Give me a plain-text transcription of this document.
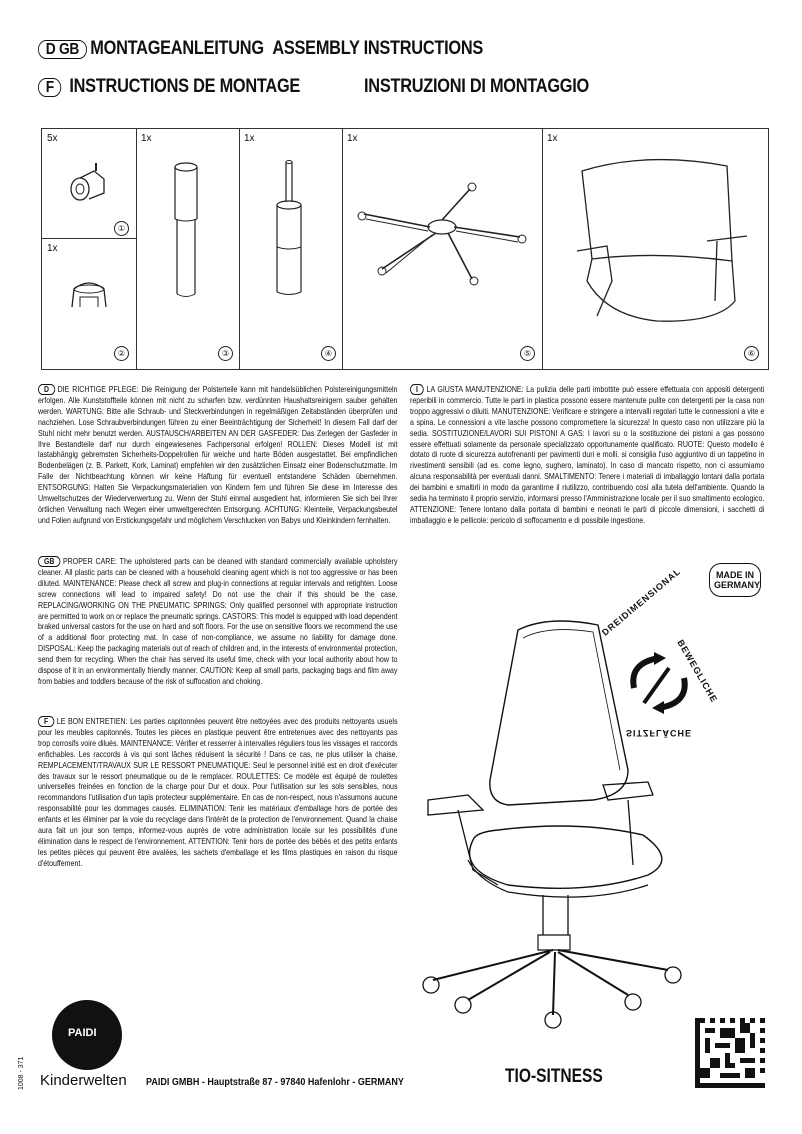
D GB MONTAGEANLEITUNG ASSEMBLY INSTRUCTIONS
F INSTRUCTIONS DE MONTAGE	INSTRUZIONI DI MONTAGGIO
5x
①
1x
②
1x
③
1x
④
1x
⑤
1x
⑥
D DIE RICHTIGE PFLEGE: Die Reinigung der Polsterteile kann mit handelsüblichen Polstereinigungsmitteln erfolgen. Alle Kunststoffteile können mit nicht zu scharfen bzw. verdünnten Haushaltsreinigern sauber gehalten werden. WARTUNG: Bitte alle Schraub- und Steckverbindungen in regelmäßigen Zeitabständen überprüfen und nachziehen. Lose Schraubverbindungen führen zu einer Beeinträchtigung der Sicherheit! In diesem Fall darf der Stuhl nicht mehr benutzt werden. AUSTAUSCH/ARBEITEN AN DER GASFEDER: Das Zerlegen der Gasfeder in Ihre Bestandteile darf nur durch eingewiesenes Fachpersonal erfolgen! ROLLEN: Dieses Modell ist mit lastabhängig gebremsten Sicherheits-Doppelrollen für weiche und harte Böden ausgestattet. Bei empfindlichen Bodenbelägen (z. B. Parkett, Kork, Laminat) empfehlen wir den zusätzlichen Einsatz einer Bodenschutzmatte. Im Falle der Nichtbeachtung können wir keine Haftung für eventuell entstandene Schäden übernehmen. ENTSORGUNG: Halten Sie Verpackungsmaterialien von Kindern fern und führen Sie diese im Interesse des Umweltschutzes der Wiederverwertung zu. Wenn der Stuhl einmal ausgedient hat, informieren Sie sich bei Ihrer örtlichen Verwaltung nach Wegen einer umweltgerechten Entsorgung. ACHTUNG: Kleinteile, Verpackungsbeutel und Folien aufgrund von Erstickungsgefahr und möglichem Verschlucken von Babys und Kleinkindern fernhalten.
GB PROPER CARE: The upholstered parts can be cleaned with standard commercially available upholstery cleaner. All plastic parts can be cleaned with a household cleaning agent which is not too aggressive or has been diluted. MAINTENANCE: Please check all screw and plug-in connections at regular intervals and retighten. Loose screw connections will lead to impaired safety! Do not use the chair if this should be the case. REPLACING/WORKING ON THE PNEUMATIC SPRINGS: Only qualified personnel with appropriate instruction are permitted to work on or replace the pneumatic springs. CASTORS: This model is equipped with load dependent braked universal castors for the use on hard and soft floors. For the use on sensitive floors we recommend the use of a additional floor protecting mat. In case of non-compliance, we assume no liability for damage done. DISPOSAL: Keep the packaging materials out of reach of children and, in the interests of environmental protection, send them for recycling. When the chair has served its useful time, check with your local authority about how to dispose of it in an environmentally friendly manner. CAUTION: Keep all small parts, packaging bags and film away from babies and toddlers because of the risk of suffocation and choking.
F LE BON ENTRETIEN: Les parties capitonnées peuvent être nettoyées avec des produits nettoyants usuels pour les meubles capitonnés. Toutes les pièces en plastique peuvent être entretenues avec des nettoyants pas trop corrosifs voire dilués. MAINTENANCE: Vérifier et resserrer à intervalles réguliers tous les vissages et raccords enfichables. Les raccords à vis qui sont lâches réduisent la sécurité ! Dans ce cas, ne plus utiliser la chaise. REMPLACEMENT/TRAVAUX SUR LE RESSORT PNEUMATIQUE: Seul le personnel initié est en droit d'exécuter des travaux sur le ressort pneumatique ou de le remplacer. ROULETTES: Ce modèle est équipé de roulettes universelles freinées en fonction de la charge pour Dur et doux. Pour l'utilisation sur les sols sensibles, nous recommandons l'utilisation d'un tapis protecteur supplémentaire. En cas de non-respect, nous n'assumons aucune responsabilité pour les dommages causés. ELIMINATION: Tenir les matériaux d'emballage hors de portée des enfants et les éliminer par la voie du recyclage dans l'intérêt de la protection de l'environnement. Quand la chaise aura fait un jour son temps, informez-vous auprès de votre administration locale sur les possibilités d'une élimination dans le respect de l'environnement. ATTENTION: Tenir hors de portée des bébés et des petits enfants les petites pièces qui peuvent être avalées, les sachets d'emballage et les films plastiques en raison du risque d'étouffement.
I LA GIUSTA MANUTENZIONE: La pulizia delle parti imbottite può essere effettuata con appositi detergenti reperibili in commercio. Tutte le parti in plastica possono essere mantenute pulite con detergenti per la casa non troppo aggressivi o diluiti. MANUTENZIONE: Verificare e stringere a intervalli regolari tutte le connessioni a vite e a spina. Le connessioni a vite lasche possono compromettere la sicurezza! In questo caso non utilizzare più la sedia. SOSTITUZIONE/LAVORI SUI PISTONI A GAS: I lavori su o la sostituzione dei pistoni a gas possono essere effettuati solamente da personale specializzato opportunamente qualificato. RUOTE: Questo modello è dotato di ruote di sicurezza autofrenanti per pavimenti duri e molli. si consiglia l'uso aggiuntivo di un tappetino in rivestimenti sensibili (ad es. come legno, sughero, laminato). In caso di mancato rispetto, non ci assumiamo alcuna responsabilità per eventuali danni. SMALTIMENTO: Tenere i materiali di imballaggio lontani dalla portata dei bambini e smaltirli in modo da garantirne il riutilizzo, contribuendo così alla tutela dell'ambiente. Quando la sedia ha terminato il proprio servizio, informarsi presso l'Amministrazione locale per il suo smaltimento ecologico. ATTENZIONE: Tenere lontano dalla portata di bambini e neonati le parti di piccole dimensioni, i sacchetti di imballaggio e le pellicole: pericolo di soffocamento e di possibile ingestione.
MADE IN
GERMANY
DREIDIMENSIONAL
BEWEGLICHE
SITZFLÄCHE
1008 - 371
PAIDI
Kinderwelten PAIDI GMBH - Hauptstraße 87 - 97840 Hafenlohr - GERMANY	TIO-SITNESS
